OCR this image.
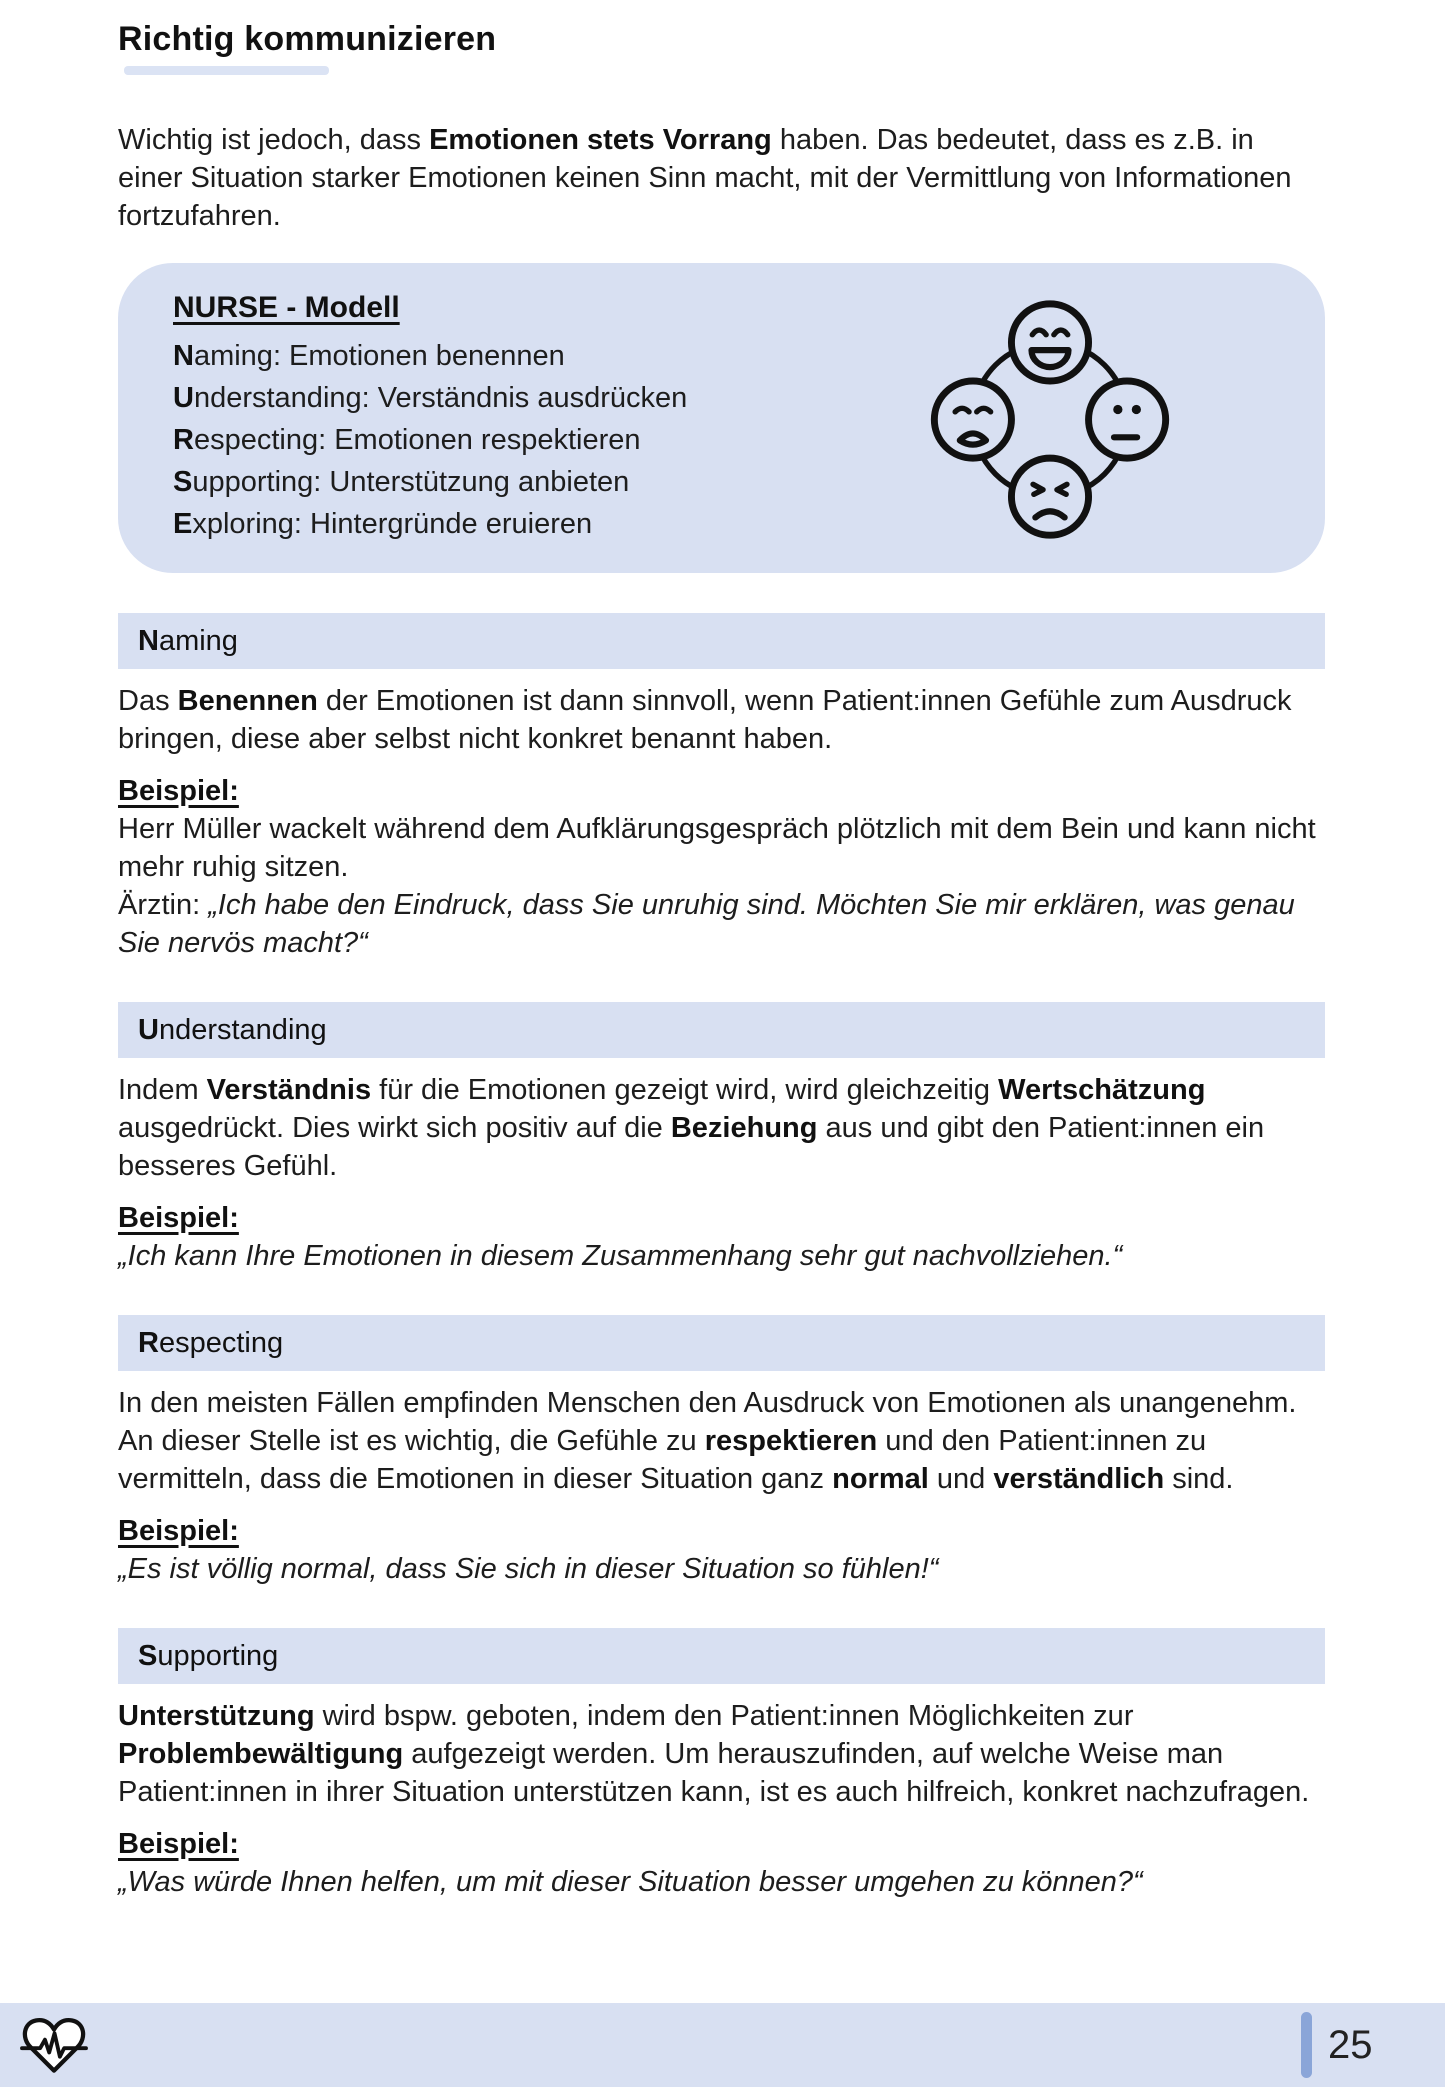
Richtig kommunizieren

Wichtig ist jedoch, dass Emotionen stets Vorrang haben. Das bedeutet, dass es z.B. in einer Situation starker Emotionen keinen Sinn macht, mit der Vermittlung von Informationen fortzufahren.

NURSE - Modell
Naming: Emotionen benennen
Understanding: Verständnis ausdrücken
Respecting: Emotionen respektieren
Supporting: Unterstützung anbieten
Exploring: Hintergründe eruieren
N aming

Das Benennen der Emotionen ist dann sinnvoll, wenn Patient:innen Gefühle zum Ausdruck bringen, diese aber selbst nicht konkret benannt haben.

Beispiel:
Herr Müller wackelt während dem Aufklärungsgespräch plötzlich mit dem Bein und kann nicht mehr ruhig sitzen.
Ärztin: „Ich habe den Eindruck, dass Sie unruhig sind. Möchten Sie mir erklären, was genau Sie nervös macht?“
U nderstanding

Indem Verständnis für die Emotionen gezeigt wird, wird gleichzeitig Wertschätzung ausgedrückt. Dies wirkt sich positiv auf die Beziehung aus und gibt den Patient:innen ein besseres Gefühl.

Beispiel:
„Ich kann Ihre Emotionen in diesem Zusammenhang sehr gut nachvollziehen.“
R especting

In den meisten Fällen empfinden Menschen den Ausdruck von Emotionen als unangenehm. An dieser Stelle ist es wichtig, die Gefühle zu respektieren und den Patient:innen zu vermitteln, dass die Emotionen in dieser Situation ganz normal und verständlich sind.

Beispiel:
„Es ist völlig normal, dass Sie sich in dieser Situation so fühlen!“
S upporting

Unterstützung wird bspw. geboten, indem den Patient:innen Möglichkeiten zur Problembewältigung aufgezeigt werden. Um herauszufinden, auf welche Weise man Patient:innen in ihrer Situation unterstützen kann, ist es auch hilfreich, konkret nachzufragen.

Beispiel:
„Was würde Ihnen helfen, um mit dieser Situation besser umgehen zu können?“
25
